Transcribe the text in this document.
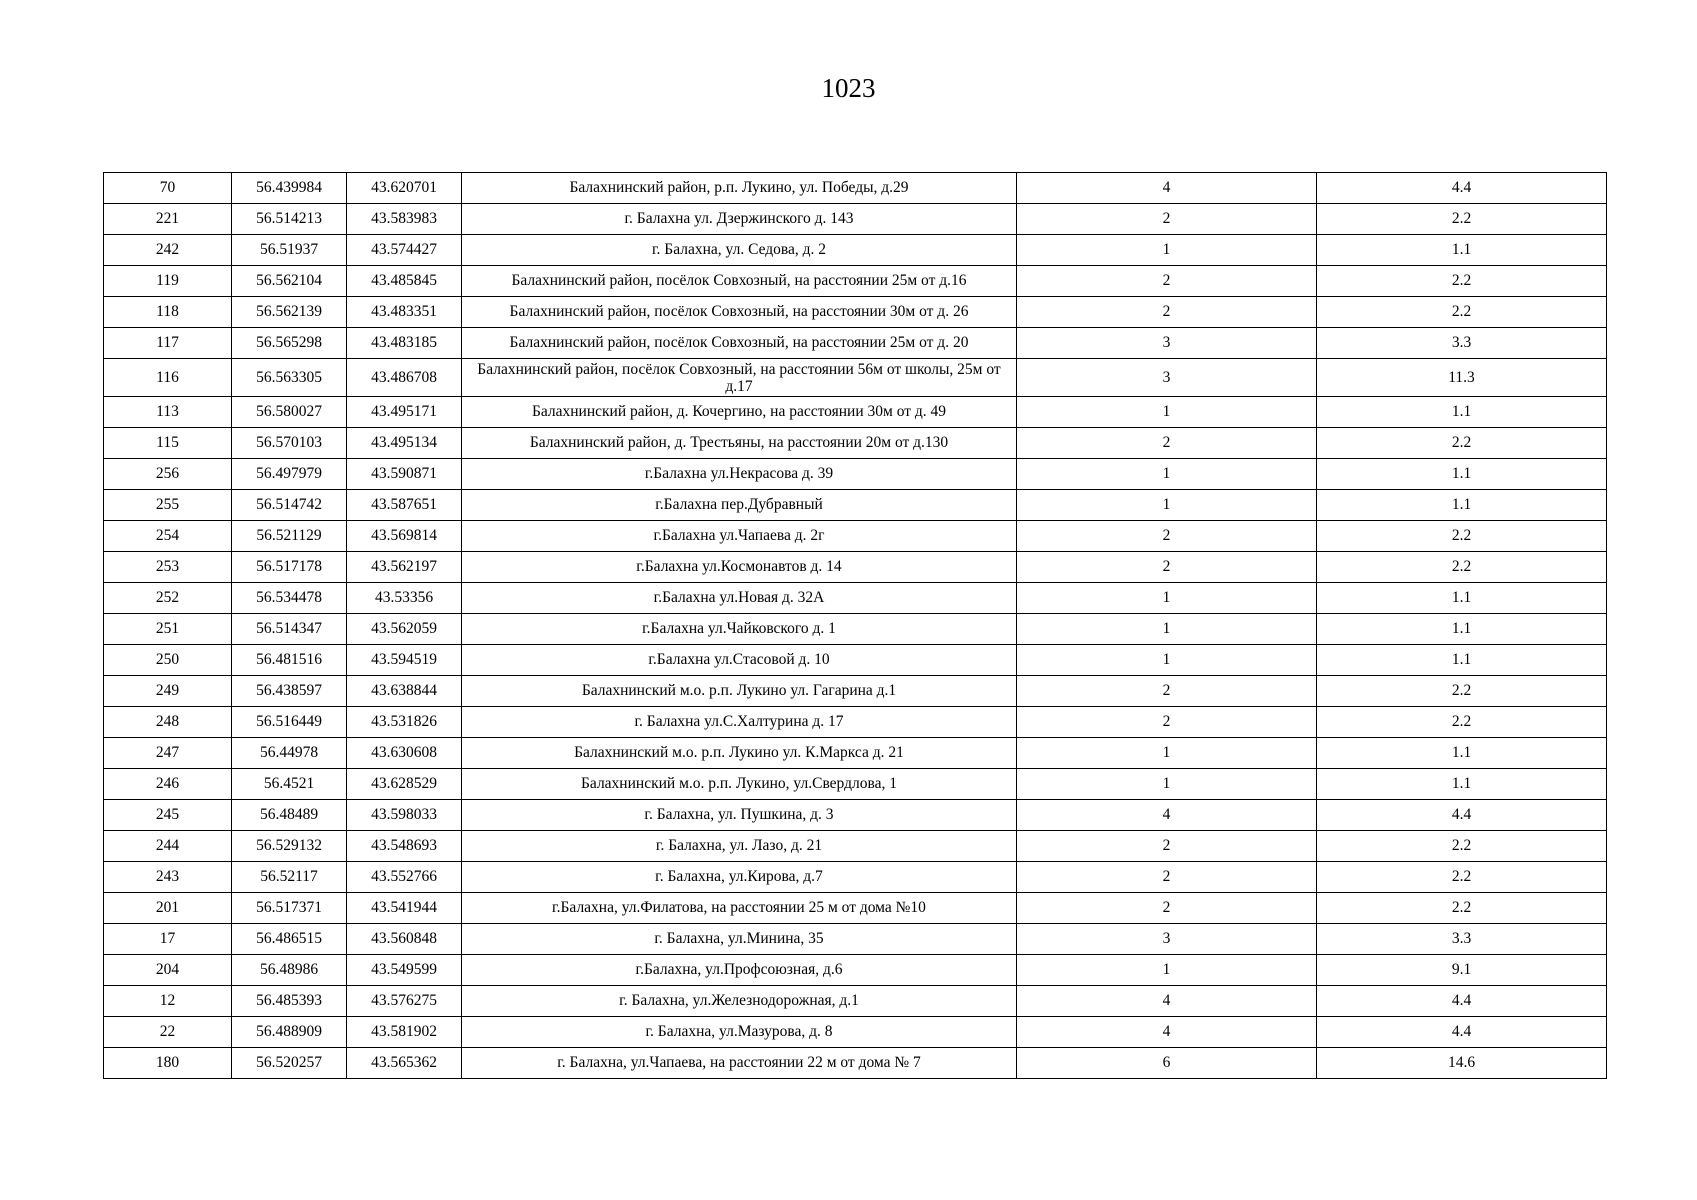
1023
70	56.439984	43.620701	Балахнинский район, р.п. Лукино, ул. Победы, д.29	4	4.4
221	56.514213	43.583983	г. Балахна ул. Дзержинского д. 143	2	2.2
242	56.51937	43.574427	г. Балахна, ул. Седова, д. 2	1	1.1
119	56.562104	43.485845	Балахнинский район, посёлок Совхозный, на расстоянии 25м от д.16	2	2.2
118	56.562139	43.483351	Балахнинский район, посёлок Совхозный, на расстоянии 30м от д. 26	2	2.2
117	56.565298	43.483185	Балахнинский район, посёлок Совхозный, на расстоянии 25м от д. 20	3	3.3
116	56.563305	43.486708	Балахнинский район, посёлок Совхозный, на расстоянии 56м от школы, 25м от д.17	3	11.3
113	56.580027	43.495171	Балахнинский район, д. Кочергино, на расстоянии 30м от д. 49	1	1.1
115	56.570103	43.495134	Балахнинский район, д. Трестьяны, на расстоянии 20м от д.130	2	2.2
256	56.497979	43.590871	г.Балахна ул.Некрасова д. 39	1	1.1
255	56.514742	43.587651	г.Балахна пер.Дубравный	1	1.1
254	56.521129	43.569814	г.Балахна ул.Чапаева д. 2г	2	2.2
253	56.517178	43.562197	г.Балахна ул.Космонавтов д. 14	2	2.2
252	56.534478	43.53356	г.Балахна ул.Новая д. 32А	1	1.1
251	56.514347	43.562059	г.Балахна ул.Чайковского д. 1	1	1.1
250	56.481516	43.594519	г.Балахна ул.Стасовой д. 10	1	1.1
249	56.438597	43.638844	Балахнинский м.о. р.п. Лукино ул. Гагарина д.1	2	2.2
248	56.516449	43.531826	г. Балахна ул.С.Халтурина д. 17	2	2.2
247	56.44978	43.630608	Балахнинский м.о. р.п. Лукино ул. К.Маркса д. 21	1	1.1
246	56.4521	43.628529	Балахнинский м.о. р.п. Лукино, ул.Свердлова, 1	1	1.1
245	56.48489	43.598033	г. Балахна, ул. Пушкина, д. 3	4	4.4
244	56.529132	43.548693	г. Балахна, ул. Лазо, д. 21	2	2.2
243	56.52117	43.552766	г. Балахна, ул.Кирова, д.7	2	2.2
201	56.517371	43.541944	г.Балахна, ул.Филатова, на расстоянии 25 м от дома №10	2	2.2
17	56.486515	43.560848	г. Балахна, ул.Минина, 35	3	3.3
204	56.48986	43.549599	г.Балахна, ул.Профсоюзная, д.6	1	9.1
12	56.485393	43.576275	г. Балахна, ул.Железнодорожная, д.1	4	4.4
22	56.488909	43.581902	г. Балахна, ул.Мазурова, д. 8	4	4.4
180	56.520257	43.565362	г. Балахна, ул.Чапаева, на расстоянии 22 м от дома № 7	6	14.6
